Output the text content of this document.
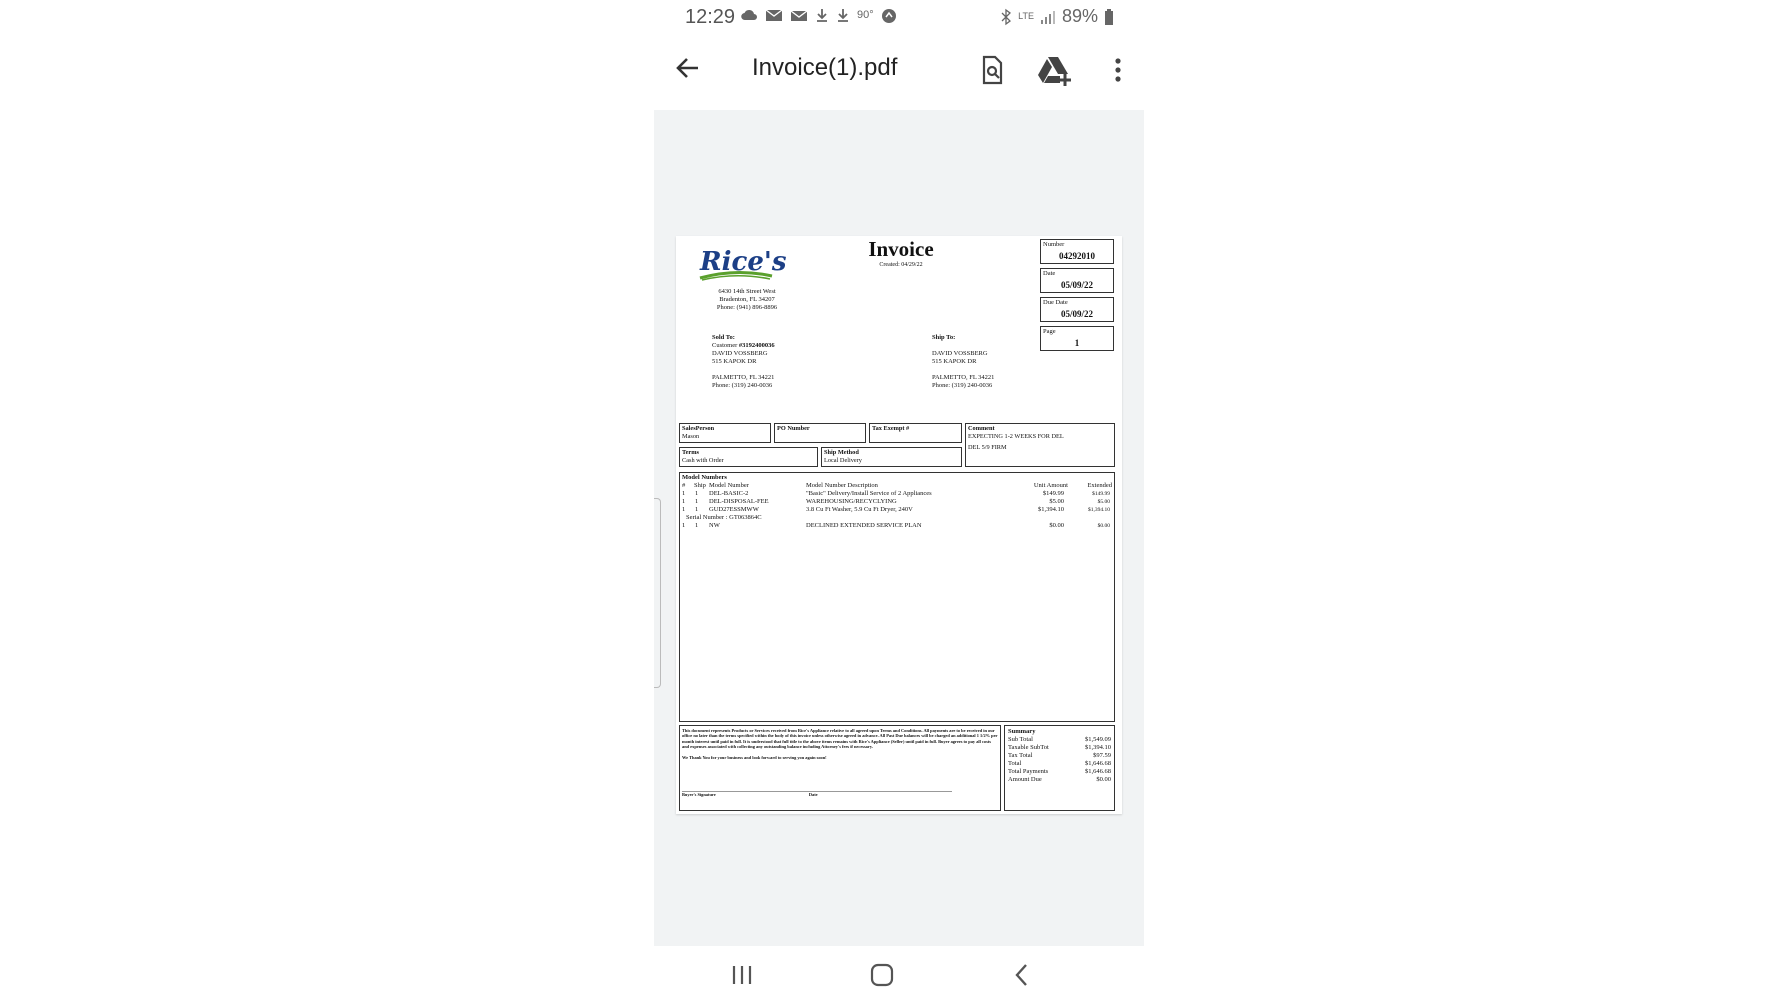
12:29	90°	LTE 89%
Invoice(1).pdf
Rice's
6430 14th Street West
Bradenton, FL 34207
Phone: (941) 896-8896
Invoice
Created: 04/29/22
Number
04292010
Date
05/09/22
Due Date
05/09/22
Page
1
Sold To:
Customer #3192400036
DAVID VOSSBERG
515 KAPOK DR
PALMETTO, FL 34221
Phone: (319) 240-0036
Ship To:
DAVID VOSSBERG
515 KAPOK DR
PALMETTO, FL 34221
Phone: (319) 240-0036
SalesPerson
Mason
PO Number	Tax Exempt #	Comment
EXPECTING 1-2 WEEKS FOR DEL
DEL 5/9 FIRM
Terms
Cash with Order
Ship Method
Local Delivery
Model Numbers
# Ship Model Number	Model Number Description	Unit Amount	Extended
1 1 DEL-BASIC-2	"Basic" Delivery/Install Service of 2 Appliances	$149.99	$149.99
1 1 DEL-DISPOSAL-FEE	WAREHOUSING/RECYCLYING	$5.00	$5.00
1 1 GUD27ESSMWW	3.8 Cu Ft Washer, 5.9 Cu Ft Dryer, 240V	$1,394.10	$1,394.10
Serial Number : GT063864C
1 1 NW	DECLINED EXTENDED SERVICE PLAN	$0.00	$0.00
This document represents Products or Services received from Rice's Appliance relative to all agreed upon Terms and Conditions. All payments are to be received in our office no later than the terms specified within the body of this invoice unless otherwise agreed in advance. All Past Due balances will be charged an additional 1 1/2% per month interest until paid in full. It is understood that full title to the above items remains with Rice's Appliance (Seller) until paid in full. Buyer agrees to pay all costs and expenses associated with collecting any outstanding balance including Attorney's fees if necessary.
We Thank You for your business and look forward to serving you again soon!
Buyer's Signature	Date
Summary
Sub Total	$1,549.09
Taxable SubTot	$1,394.10
Tax Total	$97.59
Total	$1,646.68
Total Payments	$1,646.68
Amount Due	$0.00
